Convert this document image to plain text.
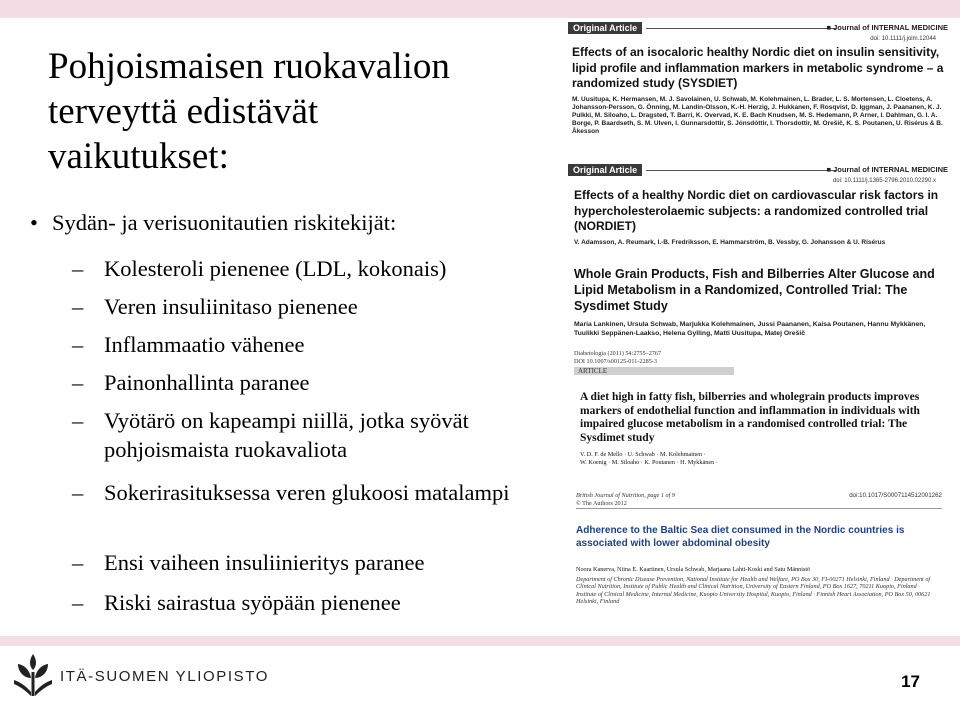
Pohjoismaisen ruokavalion
terveyttä edistävät
vaikutukset:
• Sydän- ja verisuonitautien riskitekijät:
– Kolesteroli pienenee (LDL, kokonais)
– Veren insuliinitaso pienenee
– Inflammaatio vähenee
– Painonhallinta paranee
– Vyötärö on kapeampi niillä, jotka syövät pohjoismaista ruokavaliota
– Sokerirasituksessa veren glukoosi matalampi
– Ensi vaiheen insuliinieritys paranee
– Riski sairastua syöpään pienenee
Original Article	■ Journal of INTERNAL MEDICINE
doi: 10.1111/j.joim.12044
Effects of an isocaloric healthy Nordic diet on insulin sensitivity, lipid profile and inflammation markers in metabolic syndrome – a randomized study (SYSDIET)
M. Uusitupa, K. Hermansen, M. J. Savolainen, U. Schwab, M. Kolehmainen, L. Brader, L. S. Mortensen, L. Cloetens, A. Johansson-Persson, G. Önning, M. Landin-Olsson, K.-H. Herzig, J. Hukkanen, F. Rosqvist, D. Iggman, J. Paananen, K. J. Pulkki, M. Siloaho, L. Dragsted, T. Barri, K. Overvad, K. E. Bach Knudsen, M. S. Hedemann, P. Arner, I. Dahlman, G. I. A. Borge, P. Baardseth, S. M. Ulven, I. Gunnarsdottir, S. Jónsdóttir, I. Thorsdottir, M. Orešič, K. S. Poutanen, U. Risérus & B. Åkesson
Original Article	■ Journal of INTERNAL MEDICINE
doi: 10.1111/j.1365-2796.2010.02290.x
Effects of a healthy Nordic diet on cardiovascular risk factors in hypercholesterolaemic subjects: a randomized controlled trial (NORDIET)
V. Adamsson, A. Reumark, I.-B. Fredriksson, E. Hammarström, B. Vessby, G. Johansson & U. Risérus
Whole Grain Products, Fish and Bilberries Alter Glucose and Lipid Metabolism in a Randomized, Controlled Trial: The Sysdimet Study
Maria Lankinen, Ursula Schwab, Marjukka Kolehmainen, Jussi Paananen, Kaisa Poutanen, Hannu Mykkänen, Tuulikki Seppänen-Laakso, Helena Gylling, Matti Uusitupa, Matej Orešič
Diabetologia (2011) 54:2755–2767
DOI 10.1007/s00125-011-2285-3
ARTICLE
A diet high in fatty fish, bilberries and wholegrain products improves markers of endothelial function and inflammation in individuals with impaired glucose metabolism in a randomised controlled trial: The Sysdimet study
V. D. F. de Mello · U. Schwab · M. Kolehmainen ·
W. Koenig · M. Siloaho · K. Poutanen · H. Mykkänen ·
British Journal of Nutrition, page 1 of 9
© The Authors 2012
doi:10.1017/S0007114512001262
Adherence to the Baltic Sea diet consumed in the Nordic countries is associated with lower abdominal obesity
Noora Kanerva, Niina E. Kaartinen, Ursula Schwab, Marjaana Lahti-Koski and Satu Männistö
Department of Chronic Disease Prevention, National Institute for Health and Welfare, PO Box 30, FI-00271 Helsinki, Finland · Department of Clinical Nutrition, Institute of Public Health and Clinical Nutrition, University of Eastern Finland, PO Box 1627, 70211 Kuopio, Finland · Institute of Clinical Medicine, Internal Medicine, Kuopio University Hospital, Kuopio, Finland · Finnish Heart Association, PO Box 50, 00621 Helsinki, Finland
ITÄ-SUOMEN YLIOPISTO	17
